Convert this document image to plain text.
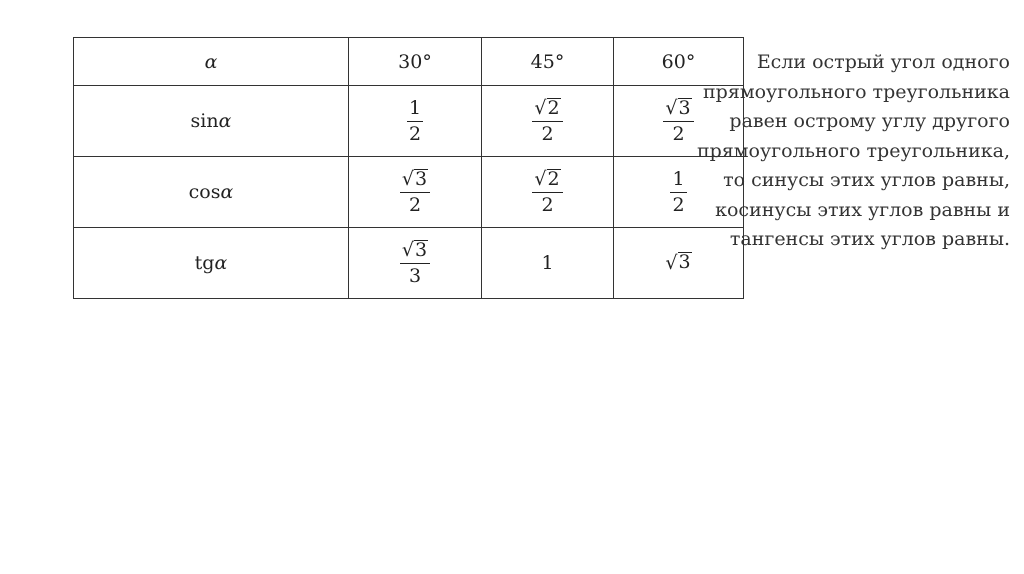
α	30°	45°	60°
sinα	$\frac{1}{2}$	$\frac{√ 2}{2}$	$\frac{√ 3}{2}$

cosα	$\frac{√ 3}{2}$	$\frac{√ 2}{2}$	$\frac{1}{2}$

tgα	$\frac{√ 3}{3}$	1	√ 3

Если острый угол одного

прямоугольного треугольника

равен острому углу другого

прямоугольного треугольника,

то синусы этих углов равны,

косинусы этих углов равны и

тангенсы этих углов равны.
